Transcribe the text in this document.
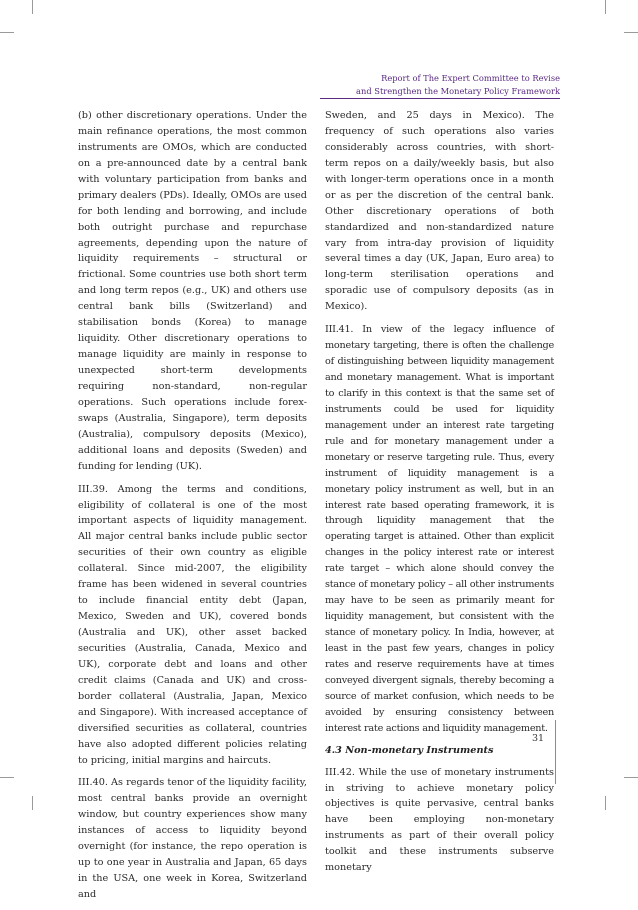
Report of The Expert Committee to Revise
and Strengthen the Monetary Policy Framework

(b) other discretionary operations. Under the main refinance operations, the most common instruments are OMOs, which are conducted on a pre-announced date by a central bank with voluntary participation from banks and primary dealers (PDs). Ideally, OMOs are used for both lending and borrowing, and include both outright purchase and repurchase agreements, depending upon the nature of liquidity requirements – structural or frictional. Some countries use both short term and long term repos (e.g., UK) and others use central bank bills (Switzerland) and stabilisation bonds (Korea) to manage liquidity. Other discretionary operations to manage liquidity are mainly in response to unexpected short-term developments requiring non-standard, non-regular operations. Such operations include forex-swaps (Australia, Singapore), term deposits (Australia), compulsory deposits (Mexico), additional loans and deposits (Sweden) and funding for lending (UK).

III.39. Among the terms and conditions, eligibility of collateral is one of the most important aspects of liquidity management. All major central banks include public sector securities of their own country as eligible collateral. Since mid-2007, the eligibility frame has been widened in several countries to include financial entity debt (Japan, Mexico, Sweden and UK), covered bonds (Australia and UK), other asset backed securities (Australia, Canada, Mexico and UK), corporate debt and loans and other credit claims (Canada and UK) and cross-border collateral (Australia, Japan, Mexico and Singapore). With increased acceptance of diversified securities as collateral, countries have also adopted different policies relating to pricing, initial margins and haircuts.

III.40. As regards tenor of the liquidity facility, most central banks provide an overnight window, but country experiences show many instances of access to liquidity beyond overnight (for instance, the repo operation is up to one year in Australia and Japan, 65 days in the USA, one week in Korea, Switzerland and

Sweden, and 25 days in Mexico). The frequency of such operations also varies considerably across countries, with short-term repos on a daily/weekly basis, but also with longer-term operations once in a month or as per the discretion of the central bank. Other discretionary operations of both standardized and non-standardized nature vary from intra-day provision of liquidity several times a day (UK, Japan, Euro area) to long-term sterilisation operations and sporadic use of compulsory deposits (as in Mexico).

III.41. In view of the legacy influence of monetary targeting, there is often the challenge of distinguishing between liquidity management and monetary management. What is important to clarify in this context is that the same set of instruments could be used for liquidity management under an interest rate targeting rule and for monetary management under a monetary or reserve targeting rule. Thus, every instrument of liquidity management is a monetary policy instrument as well, but in an interest rate based operating framework, it is through liquidity management that the operating target is attained. Other than explicit changes in the policy interest rate or interest rate target – which alone should convey the stance of monetary policy – all other instruments may have to be seen as primarily meant for liquidity management, but consistent with the stance of monetary policy. In India, however, at least in the past few years, changes in policy rates and reserve requirements have at times conveyed divergent signals, thereby becoming a source of market confusion, which needs to be avoided by ensuring consistency between interest rate actions and liquidity management.

4.3 Non-monetary Instruments

III.42. While the use of monetary instruments in striving to achieve monetary policy objectives is quite pervasive, central banks have been employing non-monetary instruments as part of their overall policy toolkit and these instruments subserve monetary

31
